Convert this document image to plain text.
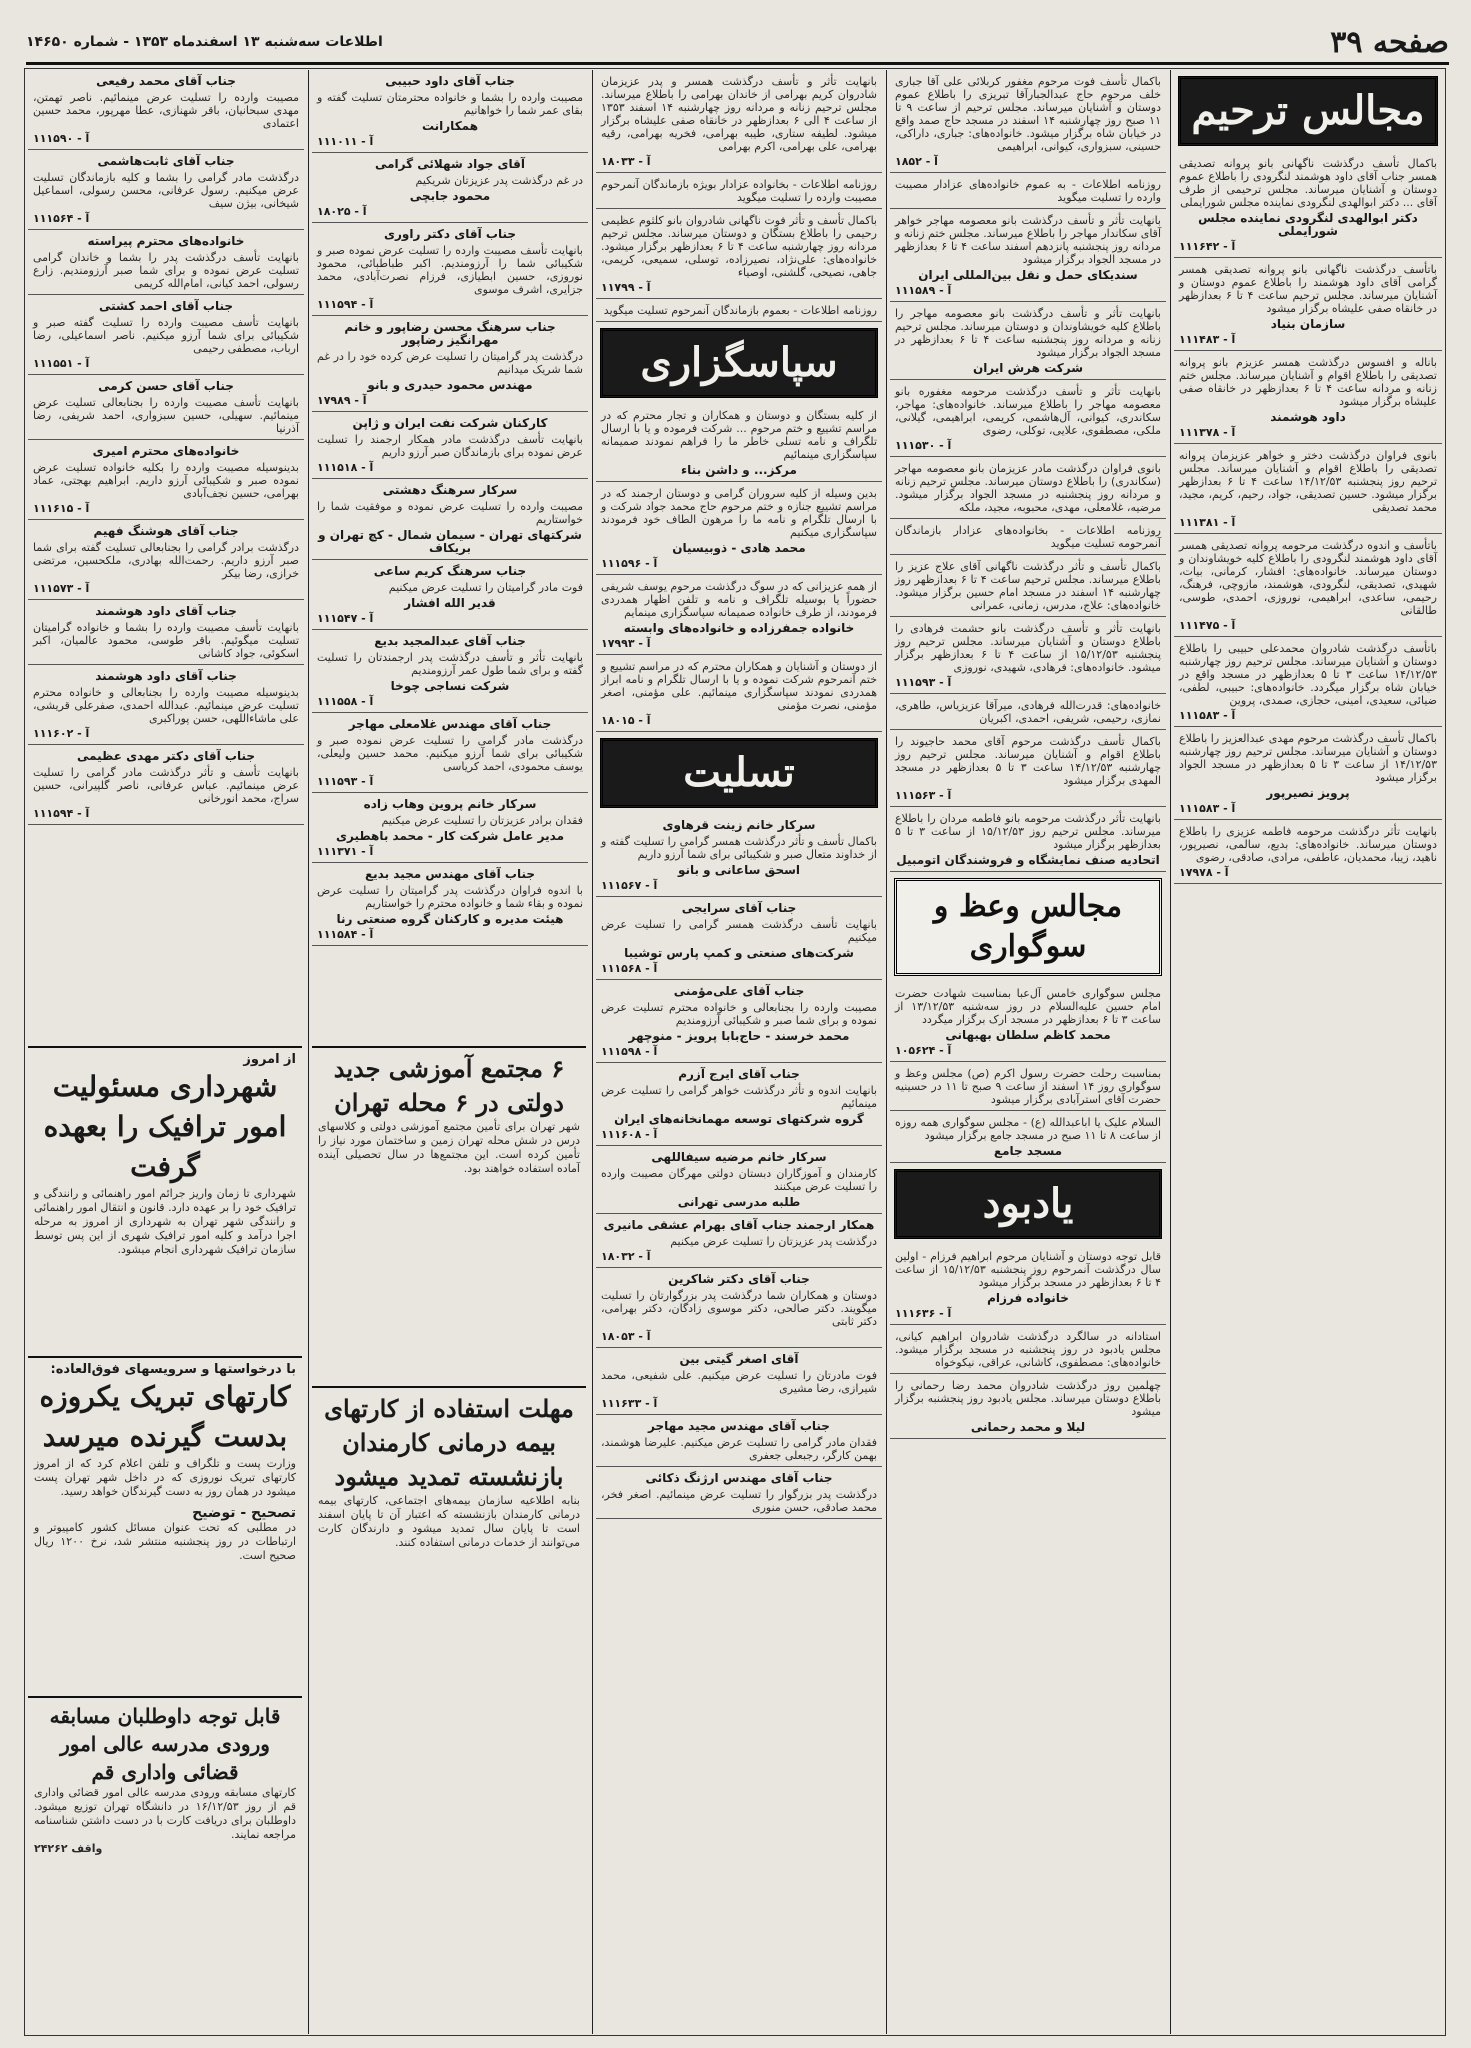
صفحه ۳۹
اطلاعات سه‌شنبه ۱۳ اسفندماه ۱۳۵۳ - شماره ۱۴۶۵۰
مجالس ترحیم
باکمال تأسف درگذشت ناگهانی بانو پروانه تصدیقی همسر جناب آقای داود هوشمند لنگرودی را باطلاع عموم دوستان و آشنایان میرساند. مجلس ترحیمی از طرف آقای ... دکتر ابوالهدی لنگرودی نماینده مجلس شورایملی
دکتر ابوالهدی لنگرودی نماینده مجلس شورایملی
آ - ۱۱۱۶۴۲
باتأسف درگذشت ناگهانی بانو پروانه تصدیقی همسر گرامی آقای داود هوشمند را باطلاع عموم دوستان و آشنایان میرساند. مجلس ترحیم ساعت ۴ تا ۶ بعدازظهر در خانقاه صفی علیشاه برگزار میشود
سازمان بنیاد
آ - ۱۱۱۴۸۳
باناله و افسوس درگذشت همسر عزیزم بانو پروانه تصدیقی را باطلاع اقوام و آشنایان میرساند. مجلس ختم زنانه و مردانه ساعت ۴ تا ۶ بعدازظهر در خانقاه صفی علیشاه برگزار میشود
داود هوشمند
آ - ۱۱۱۳۷۸
بانوی فراوان درگذشت دختر و خواهر عزیزمان پروانه تصدیقی را باطلاع اقوام و آشنایان میرساند. مجلس ترحیم روز پنجشنبه ۱۴/۱۲/۵۳ ساعت ۴ تا ۶ بعدازظهر برگزار میشود. حسین تصدیقی، جواد، رحیم، کریم، مجید، محمد تصدیقی
آ - ۱۱۱۳۸۱
باتأسف و اندوه درگذشت مرحومه پروانه تصدیقی همسر آقای داود هوشمند لنگرودی را باطلاع کلیه خویشاوندان و دوستان میرساند. خانواده‌های: افشار، کرمانی، بیات، شهیدی، تصدیقی، لنگرودی، هوشمند، مازوچی، فرهنگ، رحیمی، ساعدی، ابراهیمی، نوروزی، احمدی، طوسی، طالقانی
آ - ۱۱۱۴۷۵
باتأسف درگذشت شادروان محمدعلی حبیبی را باطلاع دوستان و آشنایان میرساند. مجلس ترحیم روز چهارشنبه ۱۴/۱۲/۵۳ ساعت ۳ تا ۵ بعدازظهر در مسجد واقع در خیابان شاه برگزار میگردد. خانواده‌های: حبیبی، لطفی، ضیائی، سعیدی، امینی، حجازی، صمدی، پروین
آ - ۱۱۱۵۸۳
باکمال تأسف درگذشت مرحوم مهدی عبدالعزیز را باطلاع دوستان و آشنایان میرساند. مجلس ترحیم روز چهارشنبه ۱۴/۱۲/۵۳ از ساعت ۳ تا ۵ بعدازظهر در مسجد الجواد برگزار میشود
پرویز نصیرپور
آ - ۱۱۱۵۸۳
بانهایت تأثر درگذشت مرحومه فاطمه عزیزی را باطلاع دوستان میرساند. خانواده‌های: بدیع، سالمی، نصیرپور، ناهید، زیبا، محمدیان، عاطفی، مرادی، صادقی، رضوی
آ - ۱۷۹۷۸
باکمال تأسف فوت مرحوم مغفور کربلائی علی آقا جباری خلف مرحوم حاج عبدالجبارآقا تبریزی را باطلاع عموم دوستان و آشنایان میرساند. مجلس ترحیم از ساعت ۹ تا ۱۱ صبح روز چهارشنبه ۱۴ اسفند در مسجد حاج صمد واقع در خیابان شاه برگزار میشود. خانواده‌های: جباری، داراکی، حسینی، سبزواری، کیوانی، ابراهیمی
آ - ۱۸۵۲
روزنامه اطلاعات - به عموم خانواده‌های عزادار مصیبت وارده را تسلیت میگوید
بانهایت تأثر و تأسف درگذشت بانو معصومه مهاجر خواهر آقای سکاندار مهاجر را باطلاع میرساند. مجلس ختم زنانه و مردانه روز پنجشنبه پانزدهم اسفند ساعت ۴ تا ۶ بعدازظهر در مسجد الجواد برگزار میشود
سندیکای حمل و نقل بین‌المللی ایران
آ - ۱۱۱۵۸۹
بانهایت تأثر و تأسف درگذشت بانو معصومه مهاجر را باطلاع کلیه خویشاوندان و دوستان میرساند. مجلس ترحیم زنانه و مردانه روز پنجشنبه ساعت ۴ تا ۶ بعدازظهر در مسجد الجواد برگزار میشود
شرکت هرش ایران
بانهایت تأثر و تأسف درگذشت مرحومه مغفوره بانو معصومه مهاجر را باطلاع میرساند. خانواده‌های: مهاجر، سکاندری، کیوانی، آل‌هاشمی، کریمی، ابراهیمی، گیلانی، ملکی، مصطفوی، علایی، توکلی، رضوی
آ - ۱۱۱۵۳۰
بانوی فراوان درگذشت مادر عزیزمان بانو معصومه مهاجر (سکاندری) را باطلاع دوستان میرساند. مجلس ترحیم زنانه و مردانه روز پنجشنبه در مسجد الجواد برگزار میشود. مرضیه، غلامعلی، مهدی، محبوبه، مجید، ملکه
روزنامه اطلاعات - بخانواده‌های عزادار بازماندگان آنمرحومه تسلیت میگوید
باکمال تأسف و تأثر درگذشت ناگهانی آقای علاج عزیز را باطلاع میرساند. مجلس ترحیم ساعت ۴ تا ۶ بعدازظهر روز چهارشنبه ۱۴ اسفند در مسجد امام حسین برگزار میشود. خانواده‌های: علاج، مدرس، زمانی، عمرانی
بانهایت تأثر و تأسف درگذشت بانو حشمت فرهادی را باطلاع دوستان و آشنایان میرساند. مجلس ترحیم روز پنجشنبه ۱۵/۱۲/۵۳ از ساعت ۴ تا ۶ بعدازظهر برگزار میشود. خانواده‌های: فرهادی، شهیدی، نوروزی
آ - ۱۱۱۵۹۳
خانواده‌های: قدرت‌الله فرهادی، میرآقا عزیزیاس، طاهری، نمازی، رحیمی، شریفی، احمدی، اکبریان
باکمال تأسف درگذشت مرحوم آقای محمد حاجیوند را باطلاع اقوام و آشنایان میرساند. مجلس ترحیم روز چهارشنبه ۱۴/۱۲/۵۳ ساعت ۳ تا ۵ بعدازظهر در مسجد المهدی برگزار میشود
آ - ۱۱۱۵۶۳
بانهایت تأثر درگذشت مرحومه بانو فاطمه مردان را باطلاع میرساند. مجلس ترحیم روز ۱۵/۱۲/۵۳ از ساعت ۳ تا ۵ بعدازظهر برگزار میشود
اتحادیه صنف نمایشگاه و فروشندگان اتومبیل
مجالس وعظ و سوگواری
مجلس سوگواری خامس آل‌عبا بمناسبت شهادت حضرت امام حسین علیه‌السلام در روز سه‌شنبه ۱۳/۱۲/۵۳ از ساعت ۳ تا ۶ بعدازظهر در مسجد ارک برگزار میگردد
محمد کاظم سلطان بهبهانی
آ - ۱۰۵۶۲۴
بمناسبت رحلت حضرت رسول اکرم (ص) مجلس وعظ و سوگواری روز ۱۴ اسفند از ساعت ۹ صبح تا ۱۱ در حسینیه حضرت آقای استرآبادی برگزار میشود
السلام علیک یا اباعبدالله (ع) - مجلس سوگواری همه روزه از ساعت ۸ تا ۱۱ صبح در مسجد جامع برگزار میشود
مسجد جامع
یادبود
قابل توجه دوستان و آشنایان مرحوم ابراهیم فرزام - اولین سال درگذشت آنمرحوم روز پنجشنبه ۱۵/۱۲/۵۳ از ساعت ۴ تا ۶ بعدازظهر در مسجد برگزار میشود
خانواده فرزام
آ - ۱۱۱۶۳۶
استادانه در سالگرد درگذشت شادروان ابراهیم کیانی، مجلس یادبود در روز پنجشنبه در مسجد برگزار میشود. خانواده‌های: مصطفوی، کاشانی، عراقی، نیکوخواه
چهلمین روز درگذشت شادروان محمد رضا رحمانی را باطلاع دوستان میرساند. مجلس یادبود روز پنجشنبه برگزار میشود
لیلا و محمد رحمانی
بانهایت تأثر و تأسف درگذشت همسر و پدر عزیزمان شادروان کریم بهرامی از خاندان بهرامی را باطلاع میرساند. مجلس ترحیم زنانه و مردانه روز چهارشنبه ۱۴ اسفند ۱۳۵۳ از ساعت ۴ الی ۶ بعدازظهر در خانقاه صفی علیشاه برگزار میشود. لطیفه ستاری، طیبه بهرامی، فخریه بهرامی، رقیه بهرامی، علی بهرامی، اکرم بهرامی
آ - ۱۸۰۳۳
روزنامه اطلاعات - بخانواده عزادار بویژه بازماندگان آنمرحوم مصیبت وارده را تسلیت میگوید
باکمال تأسف و تأثر فوت ناگهانی شادروان بانو کلثوم عظیمی رحیمی را باطلاع بستگان و دوستان میرساند. مجلس ترحیم مردانه روز چهارشنبه ساعت ۴ تا ۶ بعدازظهر برگزار میشود. خانواده‌های: علی‌نژاد، نصیرزاده، توسلی، سمیعی، کریمی، جاهی، نصیحی، گلشنی، اوصیاء
آ - ۱۱۷۹۹
روزنامه اطلاعات - بعموم بازماندگان آنمرحوم تسلیت میگوید
سپاسگزاری
از کلیه بستگان و دوستان و همکاران و تجار محترم که در مراسم تشییع و ختم مرحوم ... شرکت فرموده و یا با ارسال تلگراف و نامه تسلی خاطر ما را فراهم نمودند صمیمانه سپاسگزاری مینمائیم
مرکز... و داشن بناء
بدین وسیله از کلیه سروران گرامی و دوستان ارجمند که در مراسم تشییع جنازه و ختم مرحوم حاج محمد جواد شرکت و با ارسال تلگرام و نامه ما را مرهون الطاف خود فرمودند سپاسگزاری میکنیم
محمد هادی - ذوبیسیان
آ - ۱۱۱۵۹۶
از همه عزیزانی که در سوگ درگذشت مرحوم یوسف شریفی حضوراً یا بوسیله تلگراف و نامه و تلفن اظهار همدردی فرمودند، از طرف خانواده صمیمانه سپاسگزاری مینمایم
خانواده جمفرزاده و خانواده‌های وابسته
آ - ۱۷۹۹۳
از دوستان و آشنایان و همکاران محترم که در مراسم تشییع و ختم آنمرحوم شرکت نموده و یا با ارسال تلگرام و نامه ابراز همدردی نمودند سپاسگزاری مینمائیم. علی مؤمنی، اصغر مؤمنی، نصرت مؤمنی
آ - ۱۸۰۱۵
تسلیت
سرکار خانم زینت قرهاوی
باکمال تأسف و تأثر درگذشت همسر گرامی را تسلیت گفته و از خداوند متعال صبر و شکیبائی برای شما آرزو داریم
اسحق ساعانی و بانو
آ - ۱۱۱۵۶۷
جناب آقای سرایجی
بانهایت تأسف درگذشت همسر گرامی را تسلیت عرض میکنیم
شرکت‌های صنعتی و کمپ پارس توشیبا
آ - ۱۱۱۵۶۸
جناب آقای علی‌مؤمنی
مصیبت وارده را بجنابعالی و خانواده محترم تسلیت عرض نموده و برای شما صبر و شکیبائی آرزومندیم
محمد خرسند - حاج‌بابا پرویز - منوچهر
آ - ۱۱۱۵۹۸
جناب آقای ایرج آزرم
بانهایت اندوه و تأثر درگذشت خواهر گرامی را تسلیت عرض مینمائیم
گروه شرکتهای توسعه مهمانخانه‌های ایران
آ - ۱۱۱۶۰۸
سرکار خانم مرضیه سیفاللهی
کارمندان و آموزگاران دبستان دولتی مهرگان مصیبت وارده را تسلیت عرض میکنند
طلبه مدرسی تهرانی
همکار ارجمند جناب آقای بهرام عشقی مانیری
درگذشت پدر عزیزتان را تسلیت عرض میکنیم
آ - ۱۸۰۳۲
جناب آقای دکتر شاکرین
دوستان و همکاران شما درگذشت پدر بزرگوارتان را تسلیت میگویند. دکتر صالحی، دکتر موسوی زادگان، دکتر بهرامی، دکتر ثابتی
آ - ۱۸۰۵۳
آقای اصغر گیتی بین
فوت مادرتان را تسلیت عرض میکنیم. علی شفیعی، محمد شیرازی، رضا مشیری
آ - ۱۱۱۶۳۳
جناب آقای مهندس مجید مهاجر
فقدان مادر گرامی را تسلیت عرض میکنیم. علیرضا هوشمند، بهمن کارگر، رجبعلی جعفری
جناب آقای مهندس ارژنگ ذکائی
درگذشت پدر بزرگوار را تسلیت عرض مینمائیم. اصغر فخر، محمد صادقی، حسن منوری
جناب آقای داود حبیبی
مصیبت وارده را بشما و خانواده محترمتان تسلیت گفته و بقای عمر شما را خواهانیم
همکارانت
آ - ۱۱۱۰۱۱
آقای جواد شهلائی گرامی
در غم درگذشت پدر عزیزتان شریکیم
محمود جابچی
آ - ۱۸۰۲۵
جناب آقای دکتر راوری
بانهایت تأسف مصیبت وارده را تسلیت عرض نموده صبر و شکیبائی شما را آرزومندیم. اکبر طباطبائی، محمود نوروزی، حسین ابطیازی، فرزام نصرت‌آبادی، محمد جزایری، اشرف موسوی
آ - ۱۱۱۵۹۴
جناب سرهنگ محسن رضاپور و خانم مهرانگیز رضاپور
درگذشت پدر گرامیتان را تسلیت عرض کرده خود را در غم شما شریک میدانیم
مهندس محمود حیدری و بانو
آ - ۱۷۹۸۹
کارکنان شرکت نفت ایران و ژاپن
بانهایت تأسف درگذشت مادر همکار ارجمند را تسلیت عرض نموده برای بازماندگان صبر آرزو داریم
آ - ۱۱۱۵۱۸
سرکار سرهنگ دهشتی
مصیبت وارده را تسلیت عرض نموده و موفقیت شما را خواستاریم
شرکتهای تهران - سیمان شمال - کچ تهران و بریکاف
جناب سرهنگ کریم ساعی
فوت مادر گرامیتان را تسلیت عرض میکنیم
قدیر الله افشار
آ - ۱۱۱۵۴۷
جناب آقای عبدالمجید بدیع
بانهایت تأثر و تأسف درگذشت پدر ارجمندتان را تسلیت گفته و برای شما طول عمر آرزومندیم
شرکت نساجی چوخا
آ - ۱۱۱۵۵۸
جناب آقای مهندس غلامعلی مهاجر
درگذشت مادر گرامی را تسلیت عرض نموده صبر و شکیبائی برای شما آرزو میکنیم. محمد حسین ولیعلی، یوسف محمودی، احمد کریاسی
آ - ۱۱۱۵۹۳
سرکار خانم پروین وهاب زاده
فقدان برادر عزیزتان را تسلیت عرض میکنیم
مدیر عامل شرکت کار - محمد باهطیری
آ - ۱۱۱۳۷۱
جناب آقای مهندس مجید بدیع
با اندوه فراوان درگذشت پدر گرامیتان را تسلیت عرض نموده و بقاء شما و خانواده محترم را خواستاریم
هیئت مدیره و کارکنان گروه صنعتی رنا
آ - ۱۱۱۵۸۴
جناب آقای محمد رفیعی
مصیبت وارده را تسلیت عرض مینمائیم. ناصر تهمتن، مهدی سبحانیان، باقر شهنازی، عطا مهرپور، محمد حسین اعتمادی
آ - ۱۱۱۵۹۰
جناب آقای ثابت‌هاشمی
درگذشت مادر گرامی را بشما و کلیه بازماندگان تسلیت عرض میکنیم. رسول عرفانی، محسن رسولی، اسماعیل شیخانی، بیژن سیف
آ - ۱۱۱۵۶۴
خانواده‌های محترم پیراسته
بانهایت تأسف درگذشت پدر را بشما و خاندان گرامی تسلیت عرض نموده و برای شما صبر آرزومندیم. زارع رسولی، احمد کیانی، امام‌الله کریمی
جناب آقای احمد کشتی
بانهایت تأسف مصیبت وارده را تسلیت گفته صبر و شکیبائی برای شما آرزو میکنیم. ناصر اسماعیلی، رضا ارباب، مصطفی رحیمی
آ - ۱۱۱۵۵۱
جناب آقای حسن کرمی
بانهایت تأسف مصیبت وارده را بجنابعالی تسلیت عرض مینمائیم. سهیلی، حسین سبزواری، احمد شریفی، رضا آذرنیا
خانواده‌های محترم امیری
بدینوسیله مصیبت وارده را بکلیه خانواده تسلیت عرض نموده صبر و شکیبائی آرزو داریم. ابراهیم بهجتی، عماد بهرامی، حسین نجف‌آبادی
آ - ۱۱۱۶۱۵
جناب آقای هوشنگ فهیم
درگذشت برادر گرامی را بجنابعالی تسلیت گفته برای شما صبر آرزو داریم. رحمت‌الله بهادری، ملکحسین، مرتضی خرازی، رضا بیکر
آ - ۱۱۱۵۷۳
جناب آقای داود هوشمند
بانهایت تأسف مصیبت وارده را بشما و خانواده گرامیتان تسلیت میگوئیم. باقر طوسی، محمود عالمیان، اکبر اسکوئی، جواد کاشانی
جناب آقای داود هوشمند
بدینوسیله مصیبت وارده را بجنابعالی و خانواده محترم تسلیت عرض مینمائیم. عبدالله احمدی، صفرعلی قریشی، علی ماشاءاللهی، حسن پوراکبری
آ - ۱۱۱۶۰۲
جناب آقای دکتر مهدی عظیمی
بانهایت تأسف و تأثر درگذشت مادر گرامی را تسلیت عرض مینمائیم. عباس عرفانی، ناصر گلپیرانی، حسین سراج، محمد انورخانی
آ - ۱۱۱۵۹۴
از امروز
شهرداری مسئولیت امور ترافیک را بعهده گرفت
شهرداری تا زمان واریز جرائم امور راهنمائی و رانندگی و ترافیک خود را بر عهده دارد. قانون و انتقال امور راهنمائی و رانندگی شهر تهران به شهرداری از امروز به مرحله اجرا درآمد و کلیه امور ترافیک شهری از این پس توسط سازمان ترافیک شهرداری انجام میشود.
۶ مجتمع آموزشی جدید دولتی در ۶ محله تهران
شهر تهران برای تأمین مجتمع آموزشی دولتی و کلاسهای درس در شش محله تهران زمین و ساختمان مورد نیاز را تأمین کرده است. این مجتمع‌ها در سال تحصیلی آینده آماده استفاده خواهند بود.
با درخواستها و سرویسهای فوق‌العاده:
کارتهای تبریک یکروزه بدست گیرنده میرسد
وزارت پست و تلگراف و تلفن اعلام کرد که از امروز کارتهای تبریک نوروزی که در داخل شهر تهران پست میشود در همان روز به دست گیرندگان خواهد رسید.
تصحیح - توضیح
در مطلبی که تحت عنوان مسائل کشور کامپیوتر و ارتباطات در روز پنجشنبه منتشر شد، نرخ ۱۲۰۰ ریال صحیح است.
مهلت استفاده از کارتهای بیمه درمانی کارمندان بازنشسته تمدید میشود
بنابه اطلاعیه سازمان بیمه‌های اجتماعی، کارتهای بیمه درمانی کارمندان بازنشسته که اعتبار آن تا پایان اسفند است تا پایان سال تمدید میشود و دارندگان کارت می‌توانند از خدمات درمانی استفاده کنند.
قابل توجه داوطلبان مسابقه ورودی مدرسه عالی امور قضائی واداری قم
کارتهای مسابقه ورودی مدرسه عالی امور قضائی واداری قم از روز ۱۶/۱۲/۵۳ در دانشگاه تهران توزیع میشود. داوطلبان برای دریافت کارت با در دست داشتن شناسنامه مراجعه نمایند.
واقف ۲۴۲۶۲
